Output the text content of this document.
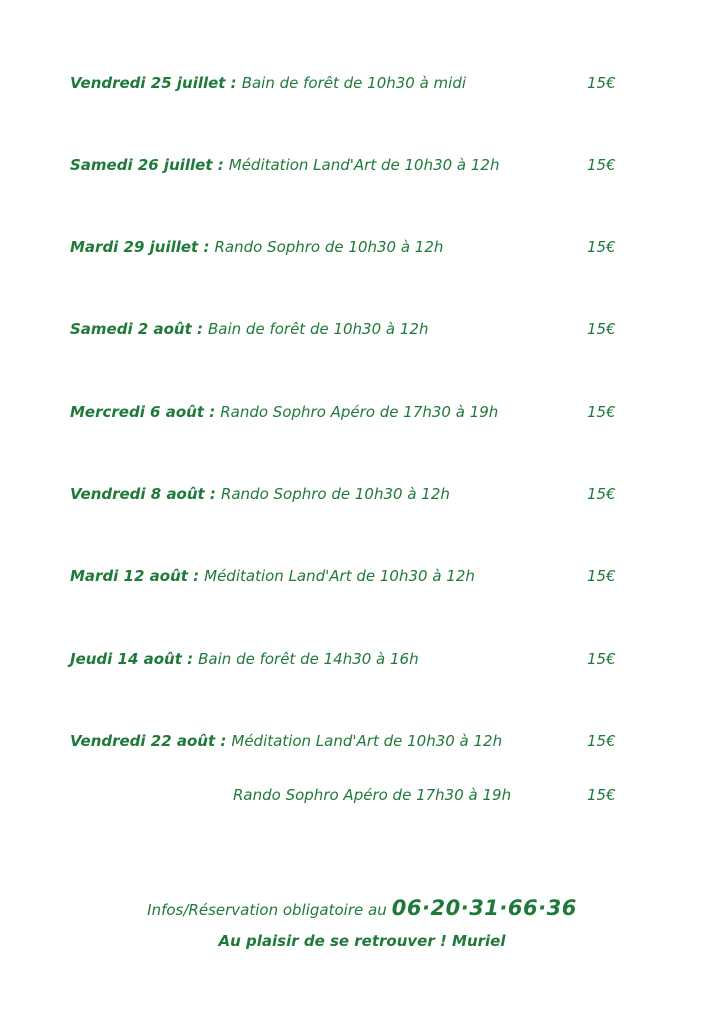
Vendredi 25 juillet : Bain de forêt de 10h30 à midi	15€
Samedi 26 juillet : Méditation Land'Art de 10h30 à 12h	15€
Mardi 29 juillet : Rando Sophro de 10h30 à 12h	15€
Samedi 2 août : Bain de forêt de 10h30 à 12h	15€
Mercredi 6 août : Rando Sophro Apéro de 17h30 à 19h	15€
Vendredi 8 août : Rando Sophro de 10h30 à 12h	15€
Mardi 12 août : Méditation Land'Art de 10h30 à 12h	15€
Jeudi 14 août : Bain de forêt de 14h30 à 16h	15€
Vendredi 22 août : Méditation Land'Art de 10h30 à 12h	15€
Rando Sophro Apéro de 17h30 à 19h	15€
Infos/Réservation obligatoire au 06·20·31·66·36
Au plaisir de se retrouver ! Muriel
